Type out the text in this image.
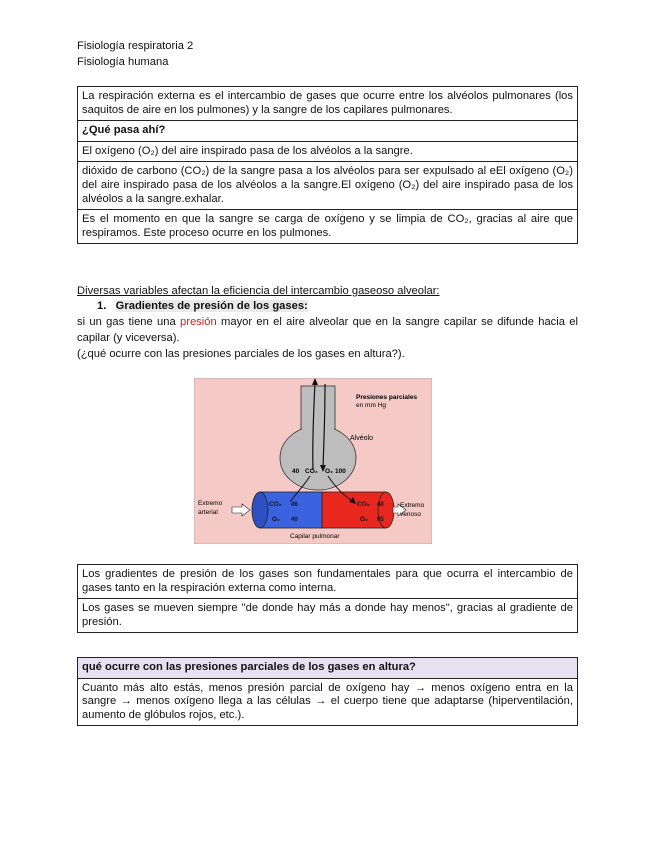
Fisiología respiratoria 2
Fisiología humana
La respiración externa es el intercambio de gases que ocurre entre los alvéolos pulmonares (los saquitos de aire en los pulmones) y la sangre de los capilares pulmonares.
¿Qué pasa ahí?
El oxígeno (O₂) del aire inspirado pasa de los alvéolos a la sangre.
dióxido de carbono (CO₂) de la sangre pasa a los alvéolos para ser expulsado al eEl oxígeno (O₂) del aire inspirado pasa de los alvéolos a la sangre.El oxígeno (O₂) del aire inspirado pasa de los alvéolos a la sangre.exhalar.
Es el momento en que la sangre se carga de oxígeno y se limpia de CO₂, gracias al aire que respiramos. Este proceso ocurre en los pulmones.
Diversas variables afectan la eficiencia del intercambio gaseoso alveolar:
1. Gradientes de presión de los gases:
si un gas tiene una presión mayor en el aire alveolar que en la sangre capilar se difunde hacia el capilar (y viceversa).
(¿qué ocurre con las presiones parciales de los gases en altura?).
Presiones parciales
en mm Hg
Alvéolo
40 CO₂ O₂ 100
CO₂ 46
O₂ 40
CO₂ 40
O₂ 95
Extremo
arterial
Extremo
venoso
Capilar pulmonar
Los gradientes de presión de los gases son fundamentales para que ocurra el intercambio de gases tanto en la respiración externa como interna.
Los gases se mueven siempre "de donde hay más a donde hay menos", gracias al gradiente de presión.
qué ocurre con las presiones parciales de los gases en altura?
Cuanto más alto estás, menos presión parcial de oxígeno hay → menos oxígeno entra en la sangre → menos oxígeno llega a las células → el cuerpo tiene que adaptarse (hiperventilación, aumento de glóbulos rojos, etc.).
